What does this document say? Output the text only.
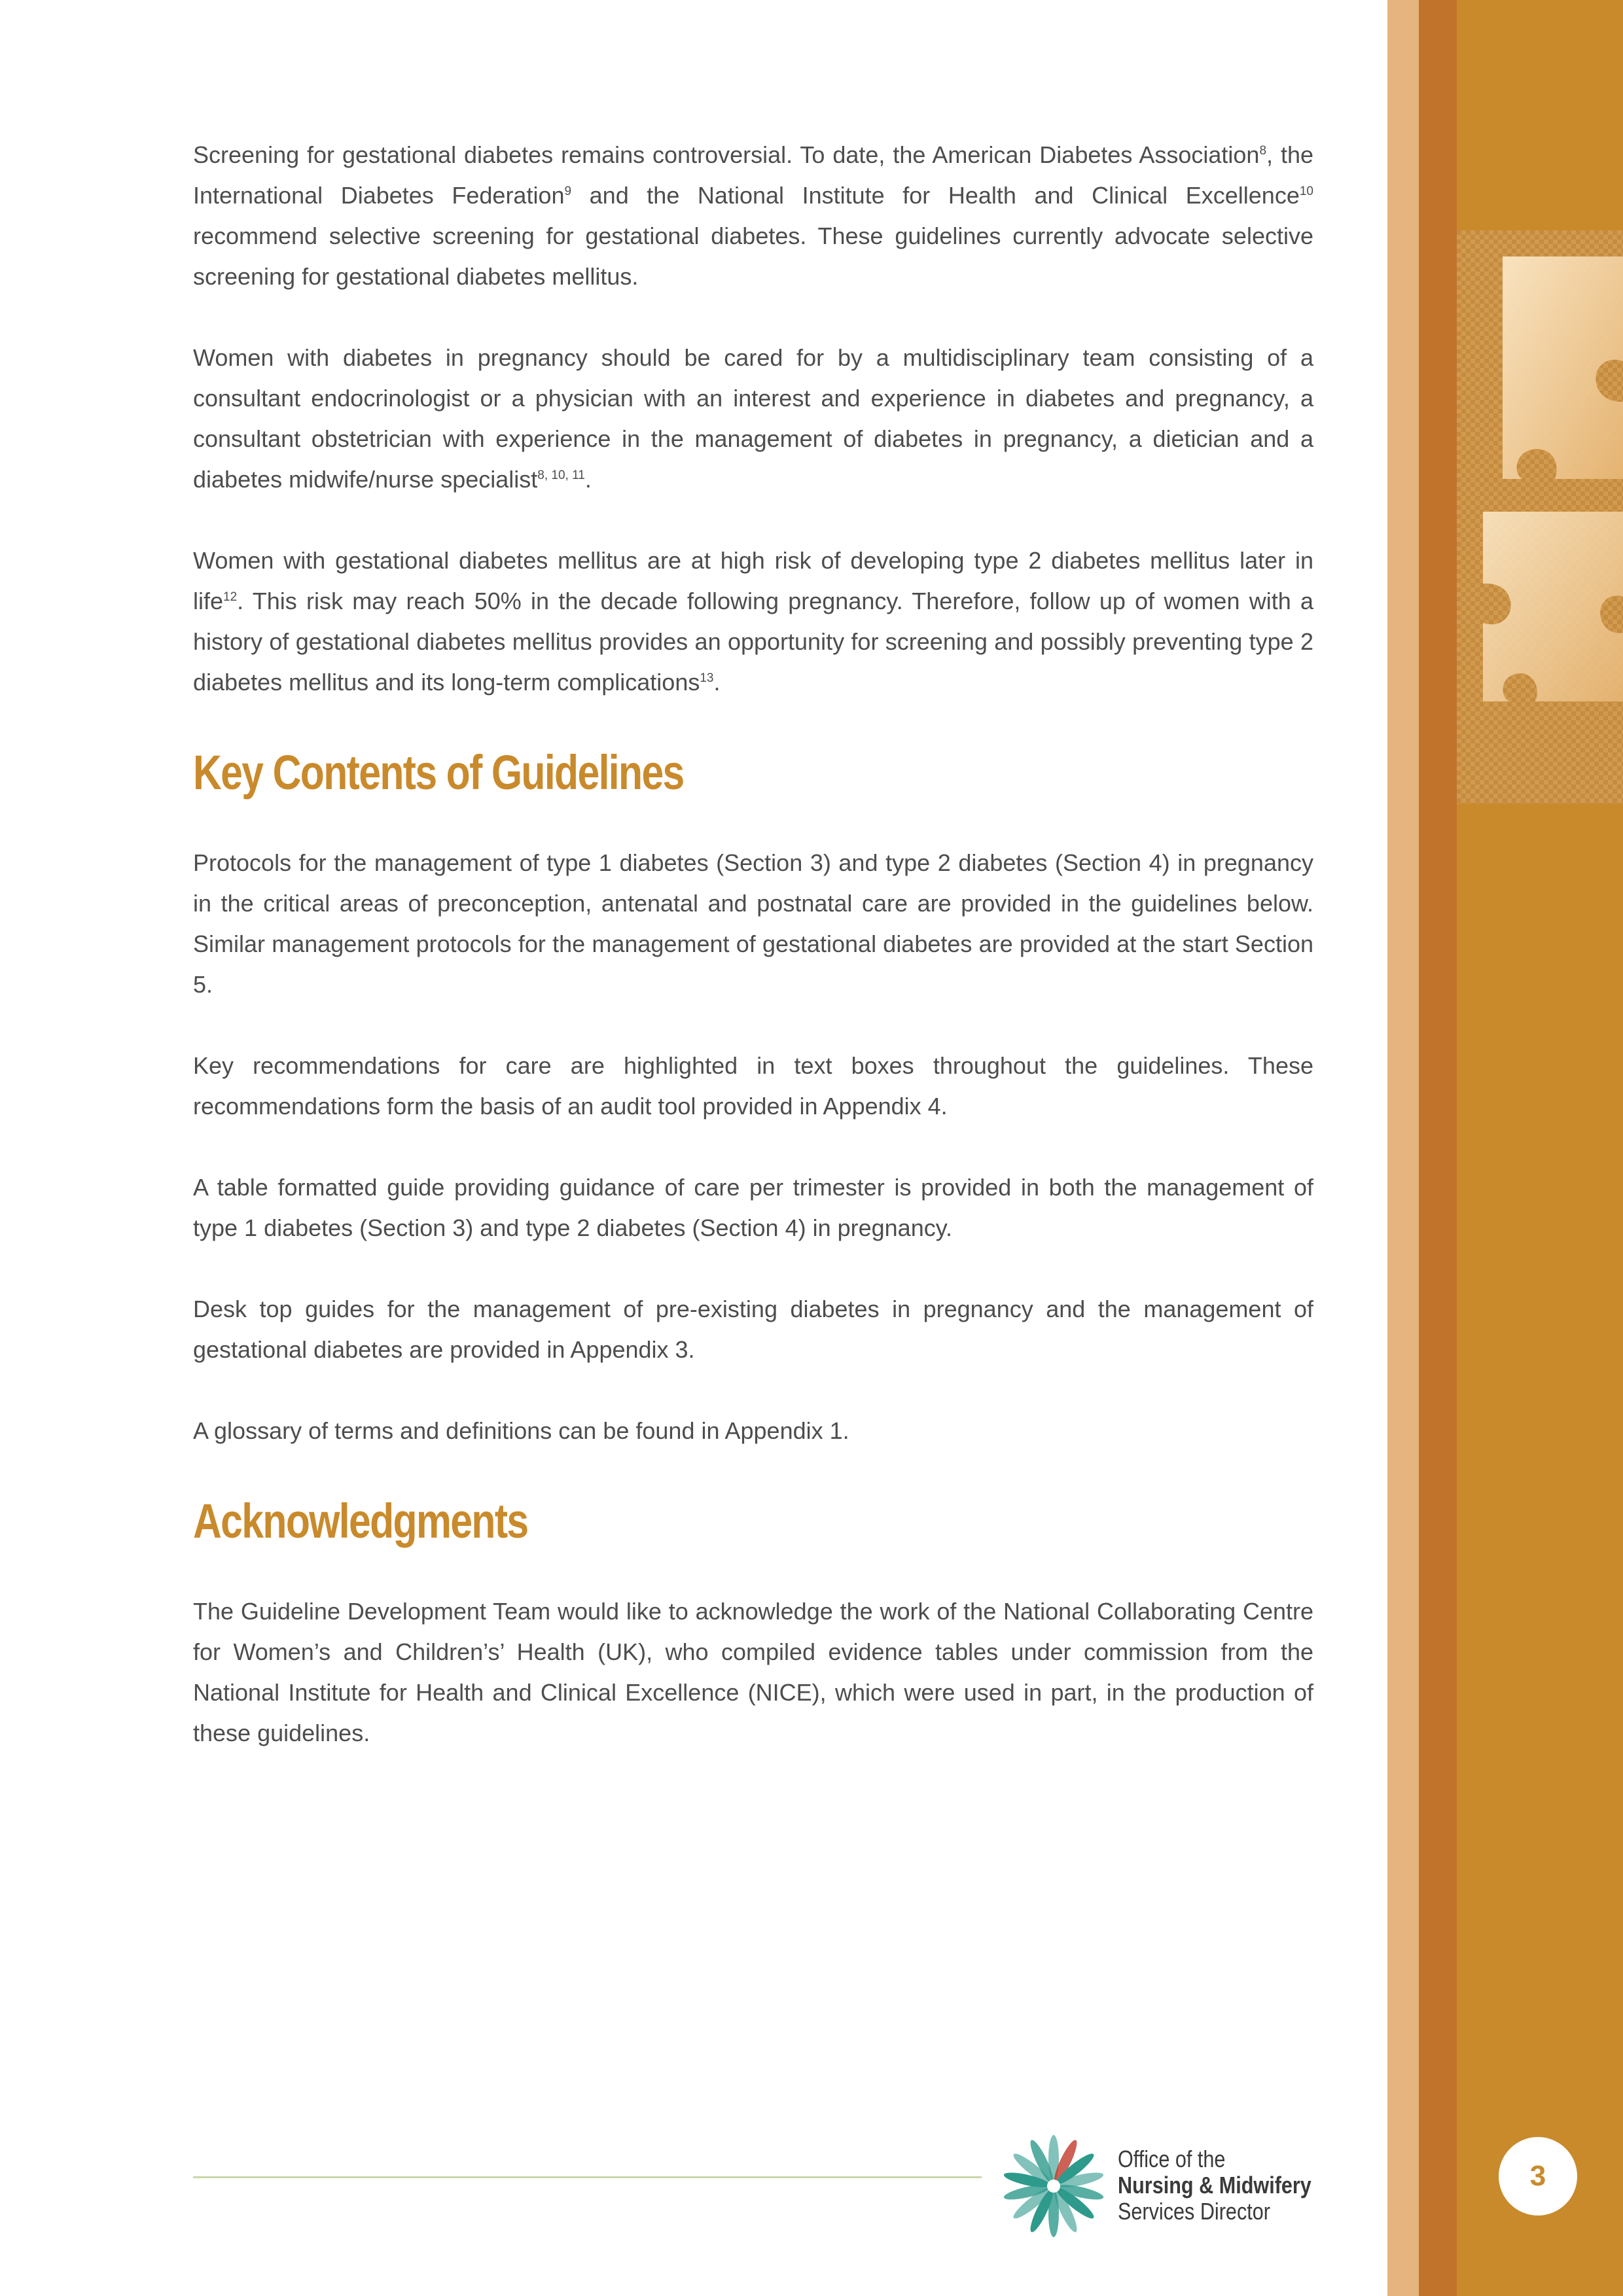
Screening for gestational diabetes remains controversial. To date, the American Diabetes Association$^8$, the International Diabetes Federation$^9$ and the National Institute for Health and Clinical Excellence$^{10}$ recommend selective screening for gestational diabetes. These guidelines currently advocate selective screening for gestational diabetes mellitus.

Women with diabetes in pregnancy should be cared for by a multidisciplinary team consisting of a consultant endocrinologist or a physician with an interest and experience in diabetes and pregnancy, a consultant obstetrician with experience in the management of diabetes in pregnancy, a dietician and a diabetes midwife/nurse specialist$^{8, 10, 11}$.

Women with gestational diabetes mellitus are at high risk of developing type 2 diabetes mellitus later in life$^{12}$. This risk may reach 50% in the decade following pregnancy. Therefore, follow up of women with a history of gestational diabetes mellitus provides an opportunity for screening and possibly preventing type 2 diabetes mellitus and its long-term complications$^{13}$.

Key Contents of Guidelines

Protocols for the management of type 1 diabetes (Section 3) and type 2 diabetes (Section 4) in pregnancy in the critical areas of preconception, antenatal and postnatal care are provided in the guidelines below. Similar management protocols for the management of gestational diabetes are provided at the start Section 5.

Key recommendations for care are highlighted in text boxes throughout the guidelines. These recommendations form the basis of an audit tool provided in Appendix 4.

A table formatted guide providing guidance of care per trimester is provided in both the management of type 1 diabetes (Section 3) and type 2 diabetes (Section 4) in pregnancy.

Desk top guides for the management of pre-existing diabetes in pregnancy and the management of gestational diabetes are provided in Appendix 3.

A glossary of terms and definitions can be found in Appendix 1.

Acknowledgments

The Guideline Development Team would like to acknowledge the work of the National Collaborating Centre for Women’s and Children’s’ Health (UK), who compiled evidence tables under commission from the National Institute for Health and Clinical Excellence (NICE), which were used in part, in the production of these guidelines.

Office of the
Nursing & Midwifery
Services Director
3
